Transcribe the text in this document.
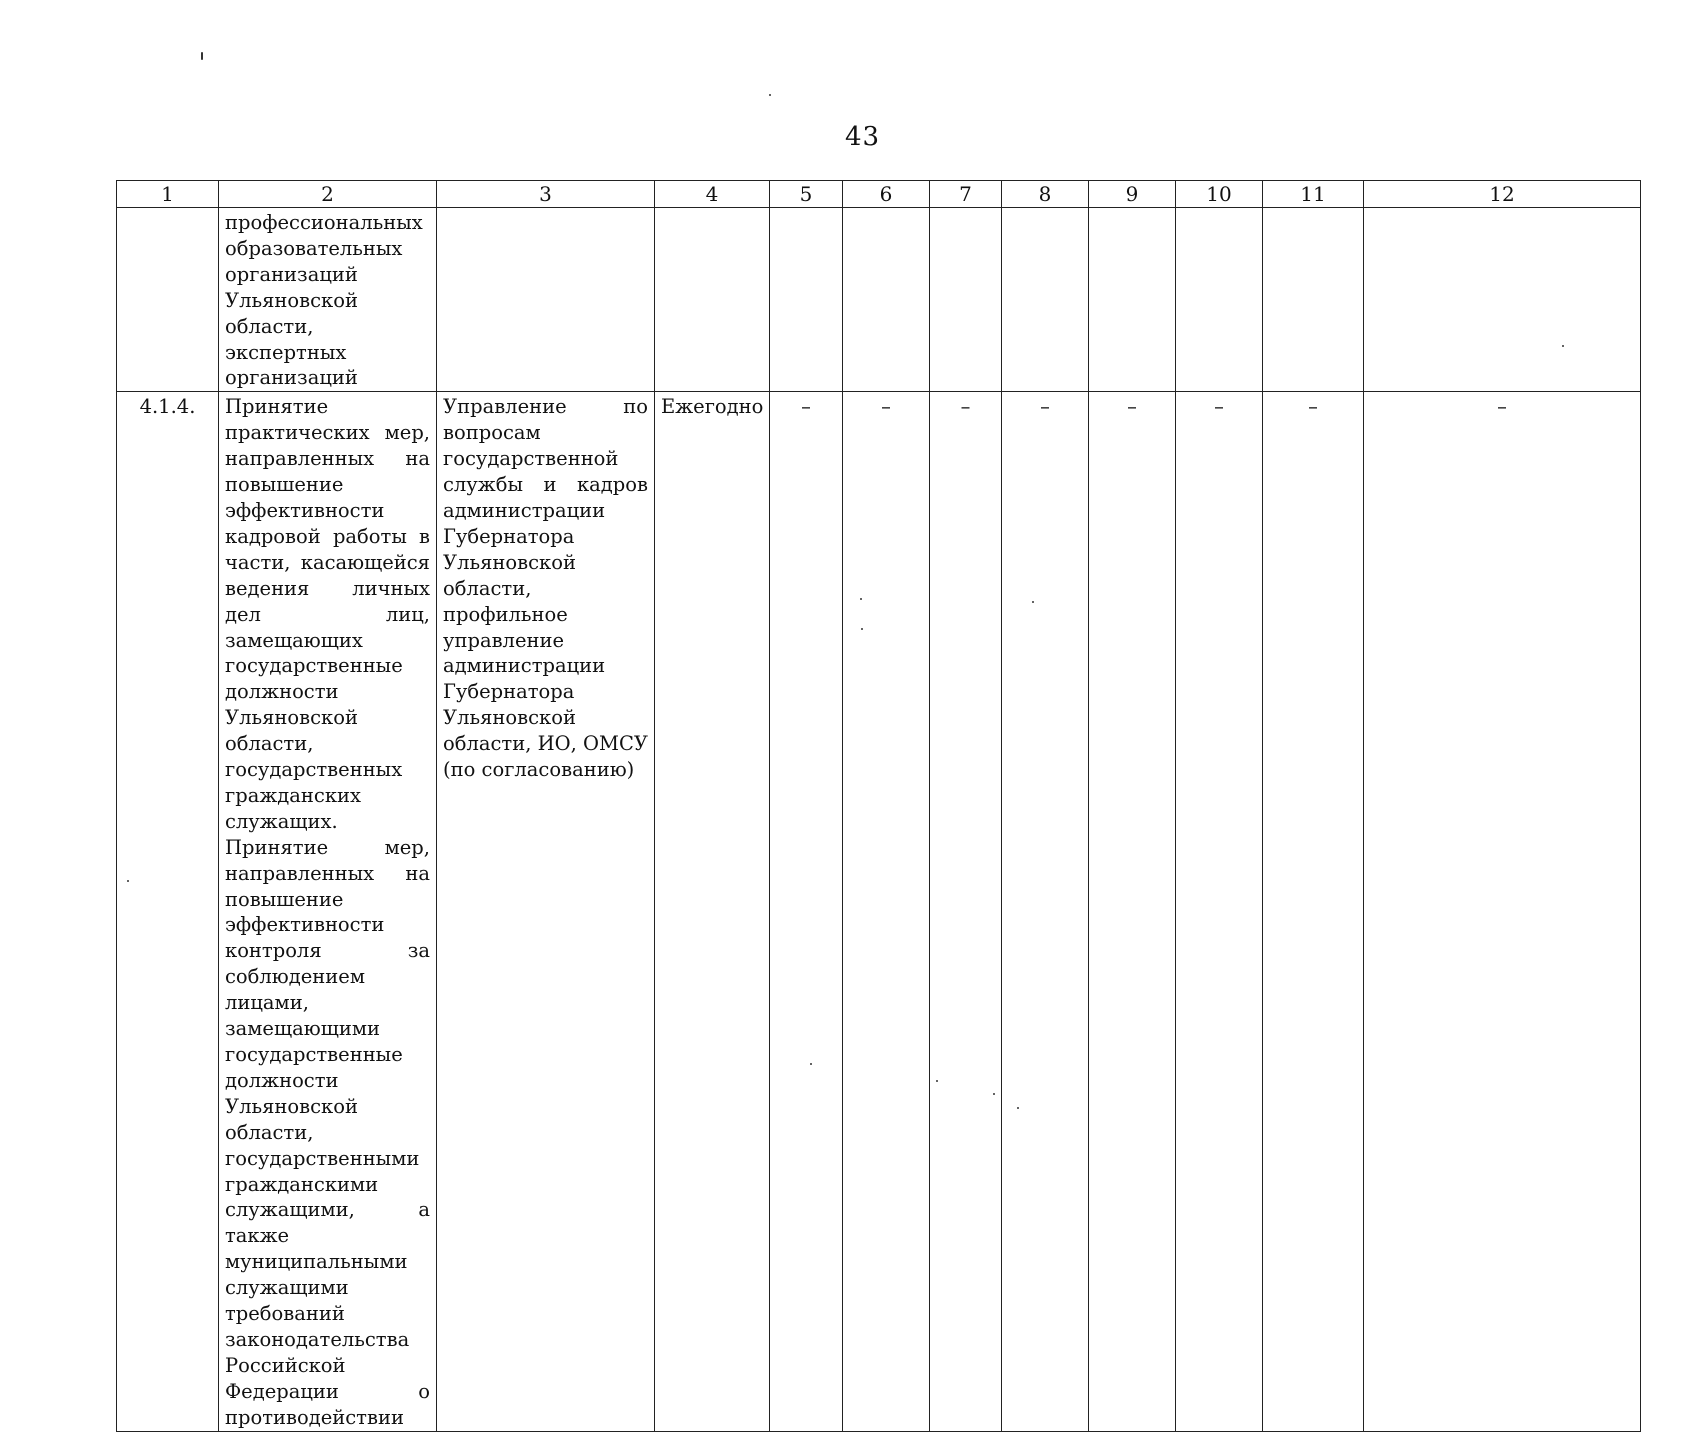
43
1	2	3	4	5	6	7	8	9	10	11	12

	профессиональных образовательных организаций Ульяновской области, экспертных организаций										

4.1.4.	Принятие практических мер, направленных на повышение эффективности кадровой работы в части, касающейся ведения личных дел лиц, замещающих государственные должности Ульяновской области, государственных гражданских служащих. Принятие мер, направленных на повышение эффективности контроля за соблюдением лицами, замещающими государственные должности Ульяновской области, государственными гражданскими служащими, а также муниципальными служащими требований законодательства Российской Федерации о противодействии	Управление по вопросам государственной службы и кадров администрации Губернатора Ульяновской области, профильное управление администрации Губернатора Ульяновской области, ИО, ОМСУ (по согласованию)	Ежегодно	–	–	–	–	–	–	–	–
